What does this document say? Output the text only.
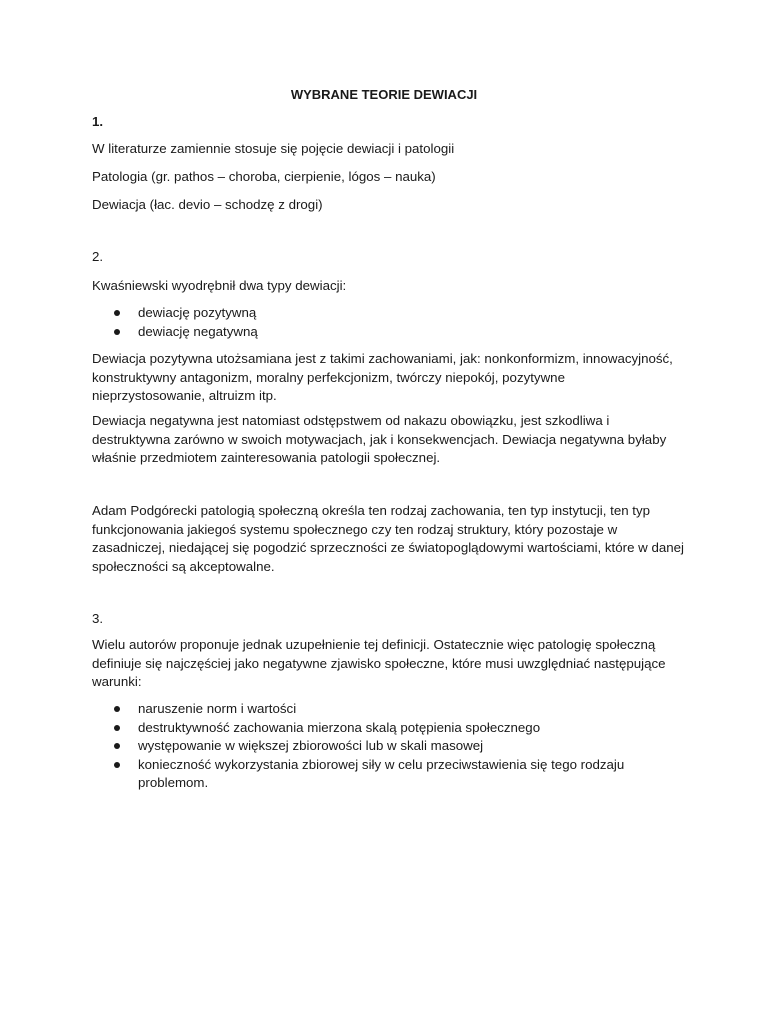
WYBRANE TEORIE DEWIACJI
1.
W literaturze zamiennie stosuje się pojęcie dewiacji i patologii
Patologia (gr. pathos – choroba, cierpienie, lógos – nauka)
Dewiacja (łac. devio – schodzę z drogi)
2.
Kwaśniewski wyodrębnił dwa typy dewiacji:
dewiację pozytywną
dewiację negatywną
Dewiacja pozytywna utożsamiana jest z takimi zachowaniami, jak: nonkonformizm, innowacyjność,
konstruktywny antagonizm, moralny perfekcjonizm, twórczy niepokój, pozytywne
nieprzystosowanie, altruizm itp.
Dewiacja negatywna jest natomiast odstępstwem od nakazu obowiązku, jest szkodliwa i
destruktywna zarówno w swoich motywacjach, jak i konsekwencjach. Dewiacja negatywna byłaby
właśnie przedmiotem zainteresowania patologii społecznej.
Adam Podgórecki patologią społeczną określa ten rodzaj zachowania, ten typ instytucji, ten typ
funkcjonowania jakiegoś systemu społecznego czy ten rodzaj struktury, który pozostaje w
zasadniczej, niedającej się pogodzić sprzeczności ze światopoglądowymi wartościami, które w danej
społeczności są akceptowalne.
3.
Wielu autorów proponuje jednak uzupełnienie tej definicji. Ostatecznie więc patologię społeczną
definiuje się najczęściej jako negatywne zjawisko społeczne, które musi uwzględniać następujące
warunki:
naruszenie norm i wartości
destruktywność zachowania mierzona skalą potępienia społecznego
występowanie w większej zbiorowości lub w skali masowej
konieczność wykorzystania zbiorowej siły w celu przeciwstawienia się tego rodzaju
problemom.
